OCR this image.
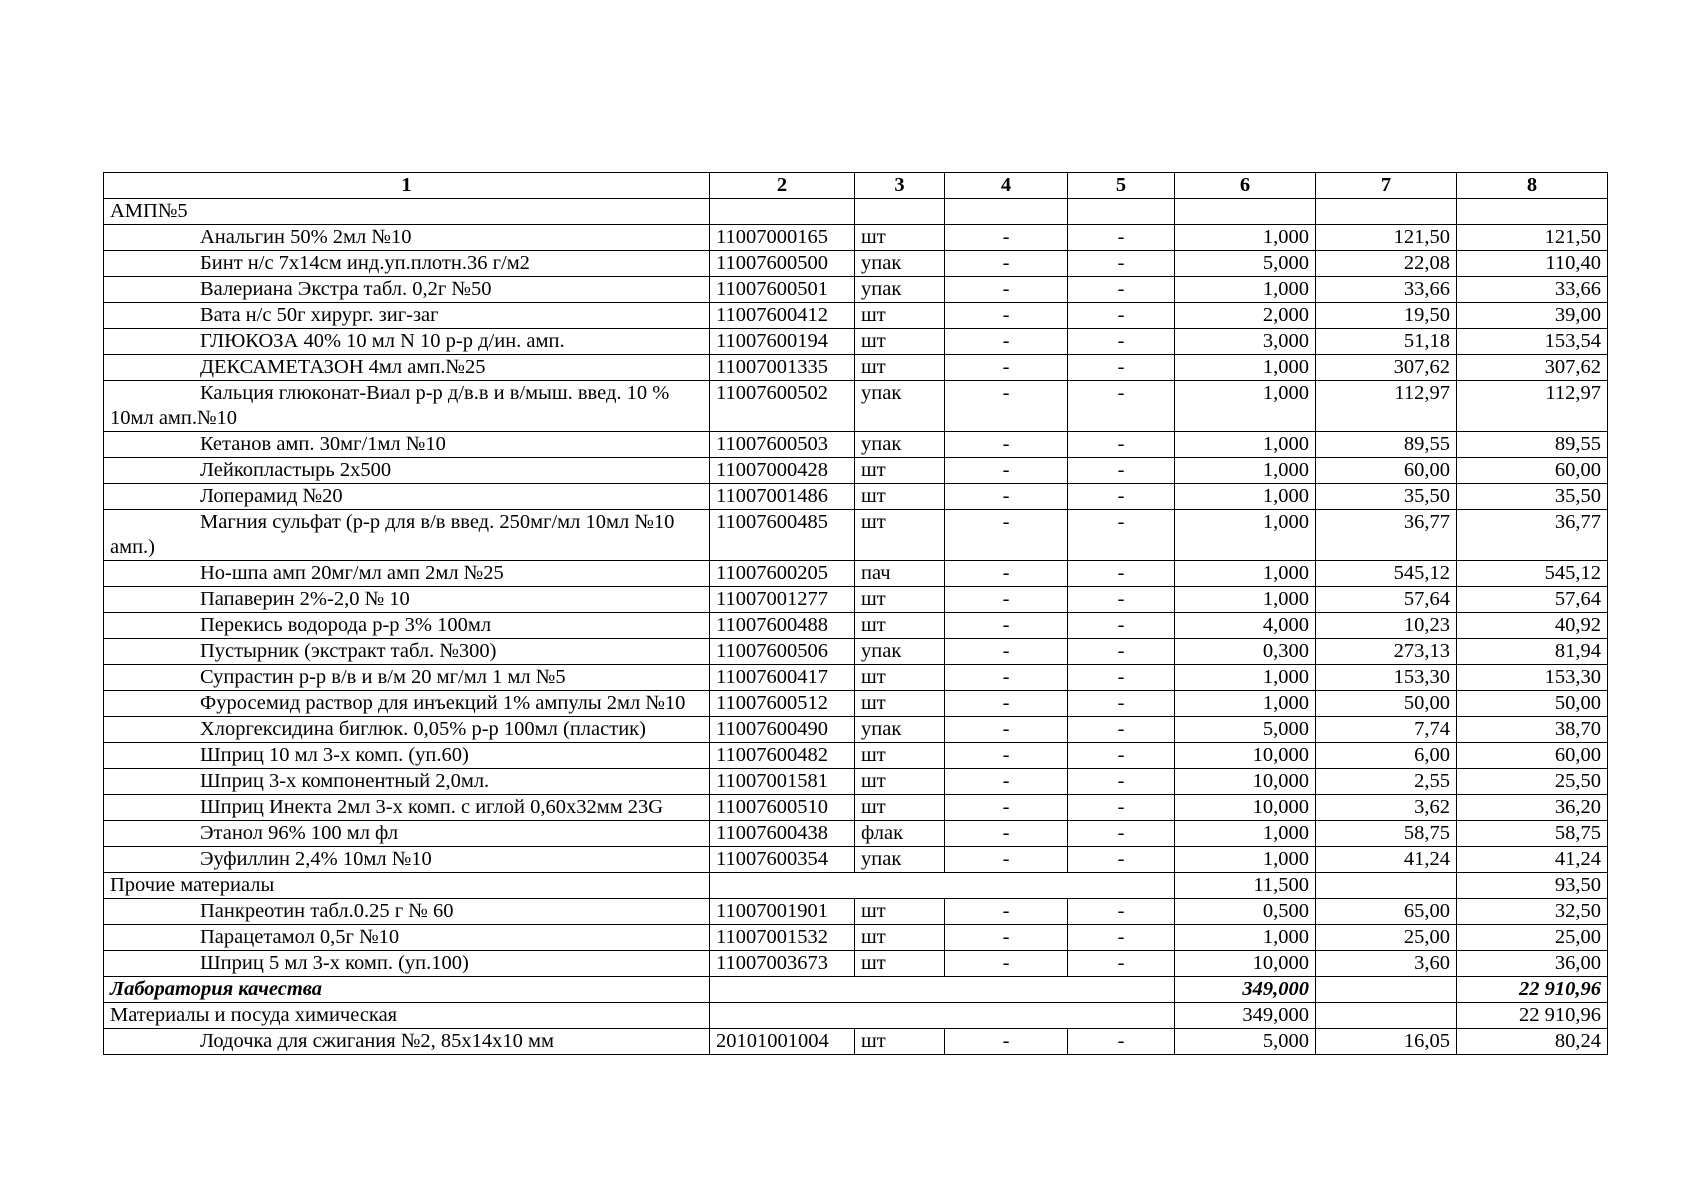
1	2	3	4	5	6	7	8
АМП№5							
Анальгин 50% 2мл №10	11007000165	шт	-	-	1,000	121,50	121,50
Бинт н/с 7х14см инд.уп.плотн.36 г/м2	11007600500	упак	-	-	5,000	22,08	110,40
Валериана Экстра табл. 0,2г №50	11007600501	упак	-	-	1,000	33,66	33,66
Вата н/с 50г хирург. зиг-заг	11007600412	шт	-	-	2,000	19,50	39,00
ГЛЮКОЗА 40% 10 мл N 10 р-р д/ин. амп.	11007600194	шт	-	-	3,000	51,18	153,54
ДЕКСАМЕТАЗОН 4мл амп.№25	11007001335	шт	-	-	1,000	307,62	307,62
Кальция глюконат-Виал р-р д/в.в и в/мыш. введ. 10 % 10мл амп.№10	11007600502	упак	-	-	1,000	112,97	112,97
Кетанов амп. 30мг/1мл №10	11007600503	упак	-	-	1,000	89,55	89,55
Лейкопластырь 2х500	11007000428	шт	-	-	1,000	60,00	60,00
Лоперамид №20	11007001486	шт	-	-	1,000	35,50	35,50
Магния сульфат (р-р для в/в введ. 250мг/мл 10мл №10 амп.)	11007600485	шт	-	-	1,000	36,77	36,77
Но-шпа амп 20мг/мл амп 2мл №25	11007600205	пач	-	-	1,000	545,12	545,12
Папаверин 2%-2,0 № 10	11007001277	шт	-	-	1,000	57,64	57,64
Перекись водорода р-р 3% 100мл	11007600488	шт	-	-	4,000	10,23	40,92
Пустырник (экстракт табл. №300)	11007600506	упак	-	-	0,300	273,13	81,94
Супрастин р-р в/в и в/м 20 мг/мл 1 мл №5	11007600417	шт	-	-	1,000	153,30	153,30
Фуросемид раствор для инъекций 1% ампулы 2мл №10	11007600512	шт	-	-	1,000	50,00	50,00
Хлоргексидина биглюк. 0,05% р-р 100мл (пластик)	11007600490	упак	-	-	5,000	7,74	38,70
Шприц 10 мл 3-х комп. (уп.60)	11007600482	шт	-	-	10,000	6,00	60,00
Шприц 3-х компонентный 2,0мл.	11007001581	шт	-	-	10,000	2,55	25,50
Шприц Инекта 2мл 3-х комп. с иглой 0,60х32мм 23G	11007600510	шт	-	-	10,000	3,62	36,20
Этанол 96% 100 мл фл	11007600438	флак	-	-	1,000	58,75	58,75
Эуфиллин 2,4% 10мл №10	11007600354	упак	-	-	1,000	41,24	41,24
Прочие материалы					11,500		93,50
Панкреотин табл.0.25 г № 60	11007001901	шт	-	-	0,500	65,00	32,50
Парацетамол 0,5г №10	11007001532	шт	-	-	1,000	25,00	25,00
Шприц 5 мл 3-х комп. (уп.100)	11007003673	шт	-	-	10,000	3,60	36,00
Лаборатория качества					349,000		22 910,96
Материалы и посуда химическая					349,000		22 910,96
Лодочка для сжигания №2, 85х14х10 мм	20101001004	шт	-	-	5,000	16,05	80,24
